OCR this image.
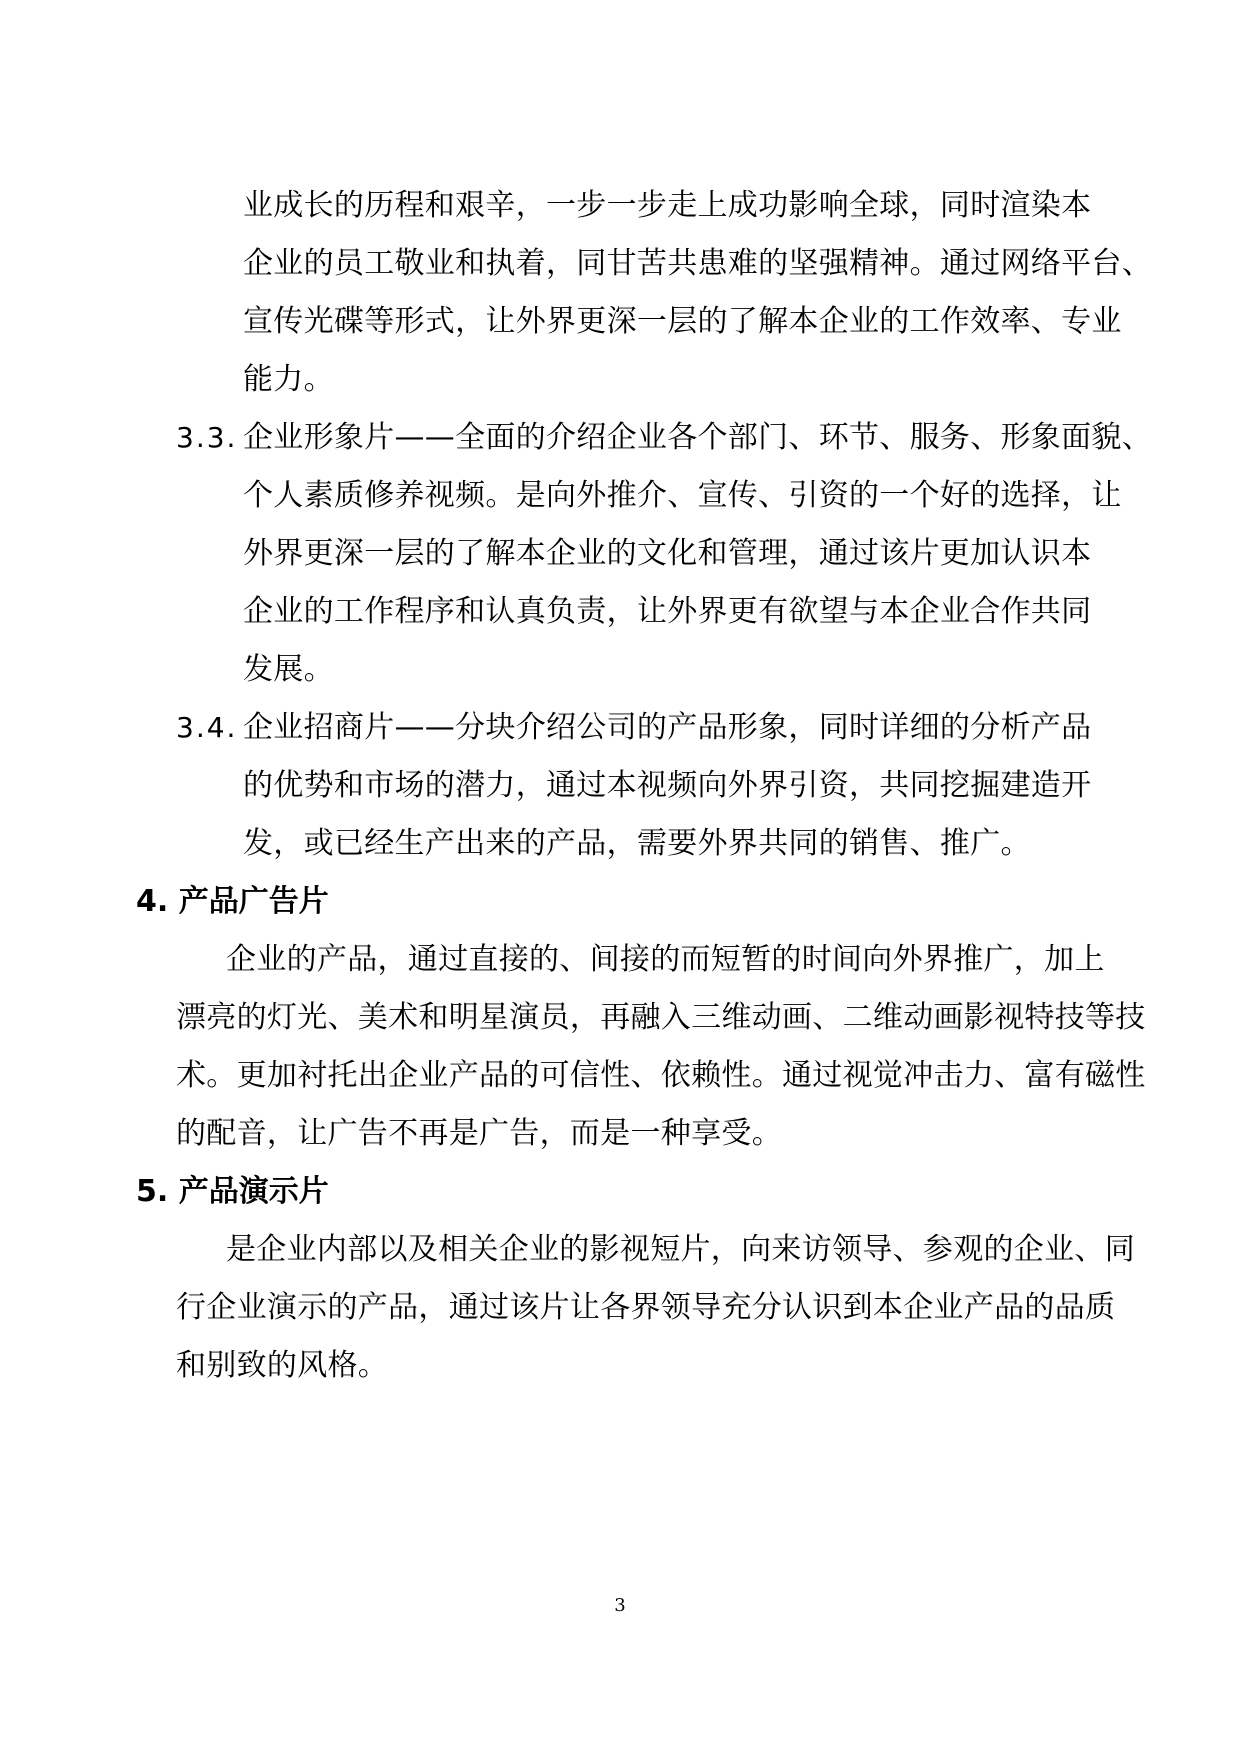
业成长的历程和艰辛，一步一步走上成功影响全球，同时渲染本
企业的员工敬业和执着，同甘苦共患难的坚强精神。通过网络平台、
宣传光碟等形式，让外界更深一层的了解本企业的工作效率、专业
能力。
3.3. 企业形象片——全面的介绍企业各个部门、环节、服务、形象面貌、
个人素质修养视频。是向外推介、宣传、引资的一个好的选择，让
外界更深一层的了解本企业的文化和管理，通过该片更加认识本
企业的工作程序和认真负责，让外界更有欲望与本企业合作共同
发展。
3.4. 企业招商片——分块介绍公司的产品形象，同时详细的分析产品
的优势和市场的潜力，通过本视频向外界引资，共同挖掘建造开
发，或已经生产出来的产品，需要外界共同的销售、推广。
4. 产品广告片
企业的产品，通过直接的、间接的而短暂的时间向外界推广，加上
漂亮的灯光、美术和明星演员，再融入三维动画、二维动画影视特技等技
术。更加衬托出企业产品的可信性、依赖性。通过视觉冲击力、富有磁性
的配音，让广告不再是广告，而是一种享受。
5. 产品演示片
是企业内部以及相关企业的影视短片，向来访领导、参观的企业、同
行企业演示的产品，通过该片让各界领导充分认识到本企业产品的品质
和别致的风格。
3
